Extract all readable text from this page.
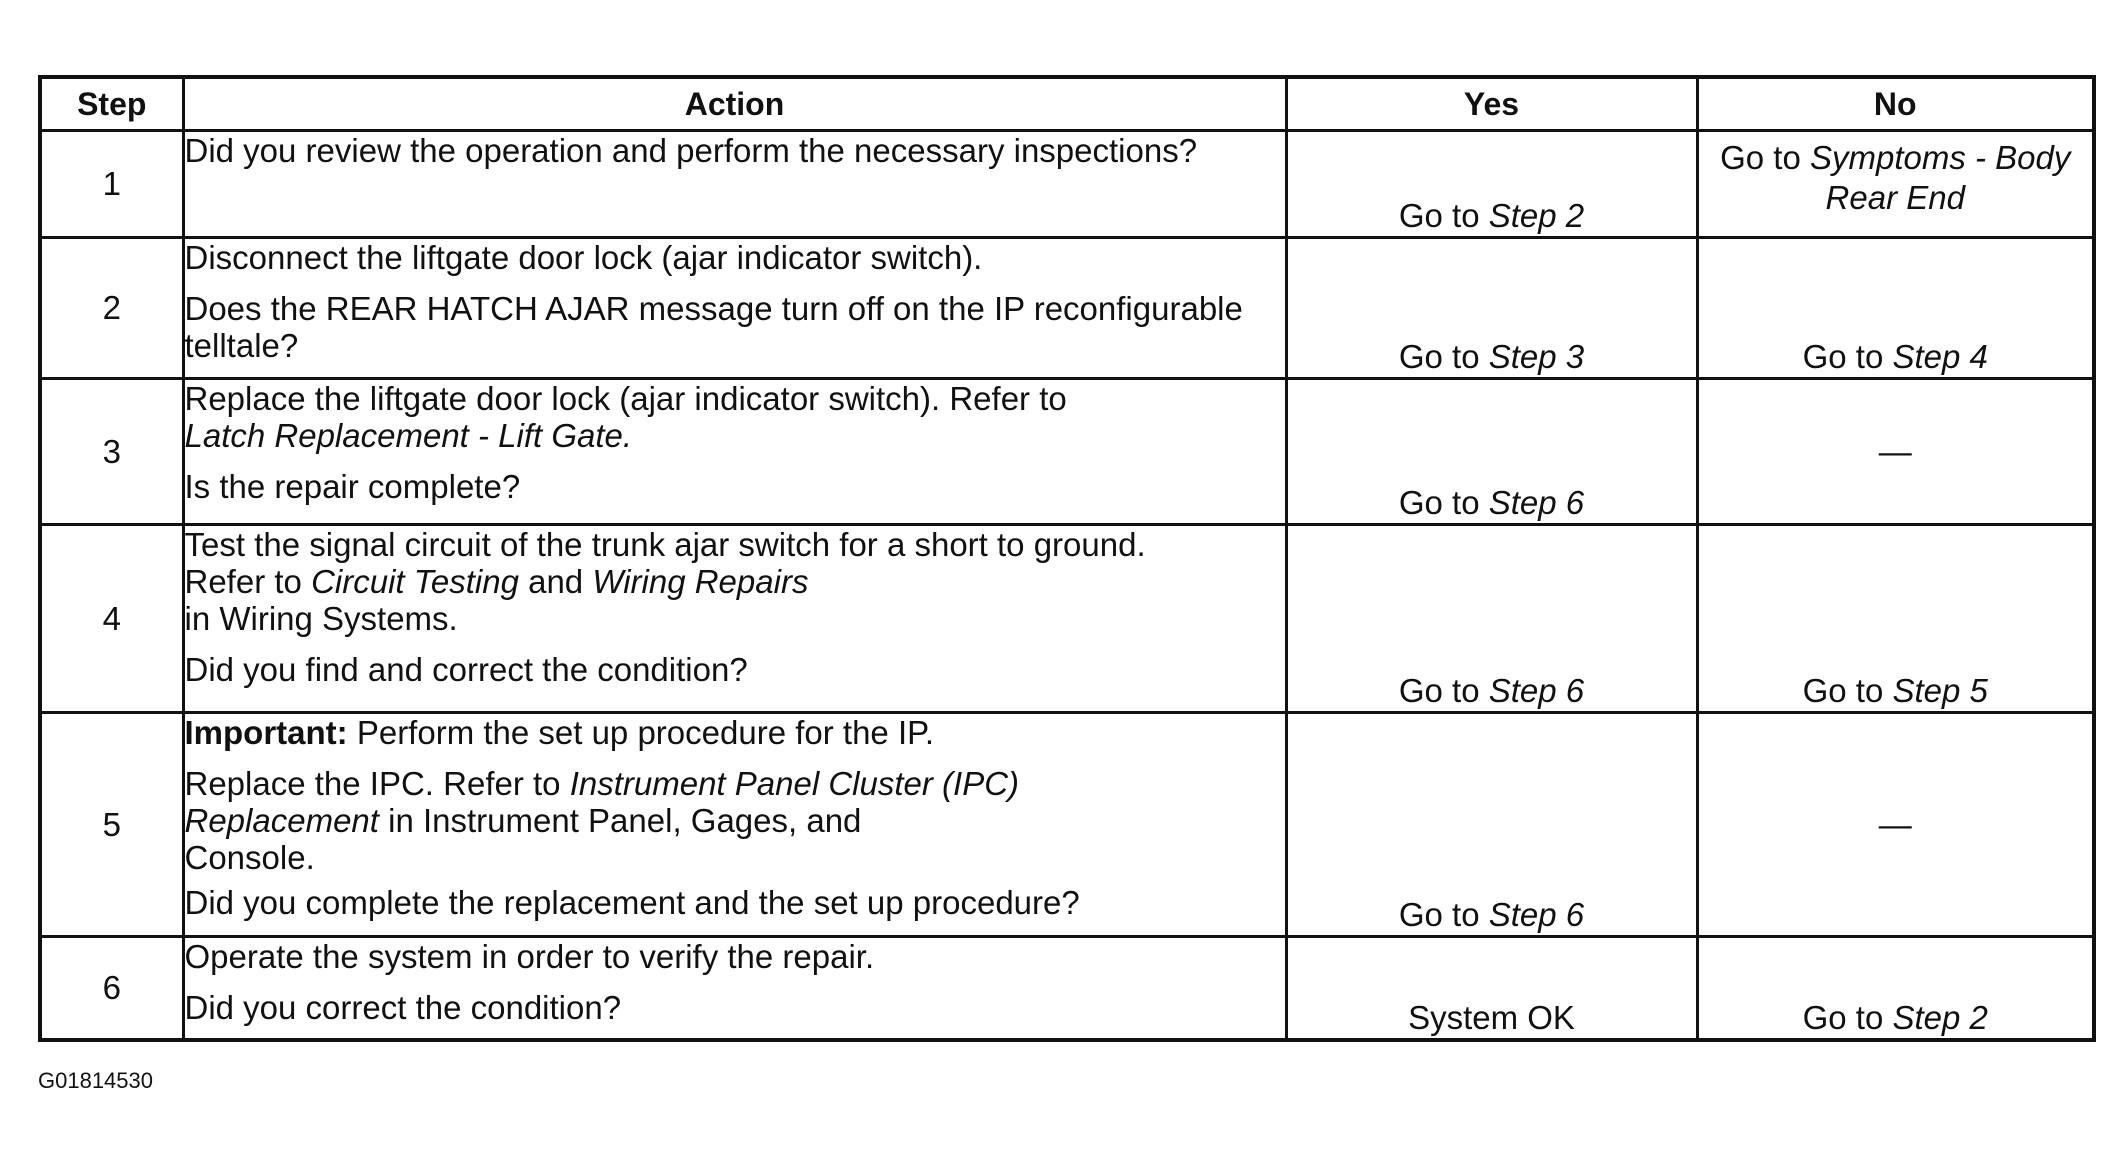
Step	Action	Yes	No
1	Did you review the operation and perform the necessary inspections?	Go to Step 2	Go to Symptoms - Body Rear End
2	Disconnect the liftgate door lock (ajar indicator switch).

Does the REAR HATCH AJAR message turn off on the IP reconfigurable telltale?	Go to Step 3	Go to Step 4
3	Replace the liftgate door lock (ajar indicator switch). Refer to
Latch Replacement - Lift Gate.

Is the repair complete?	Go to Step 6	—
4	Test the signal circuit of the trunk ajar switch for a short to ground. Refer to Circuit Testing and Wiring Repairs
in Wiring Systems.

Did you find and correct the condition?	Go to Step 6	Go to Step 5
5	Important: Perform the set up procedure for the IP.

Replace the IPC. Refer to Instrument Panel Cluster (IPC) Replacement in Instrument Panel, Gages, and
Console.

Did you complete the replacement and the set up procedure?	Go to Step 6	—
6	Operate the system in order to verify the repair.

Did you correct the condition?	System OK	Go to Step 2
G01814530
